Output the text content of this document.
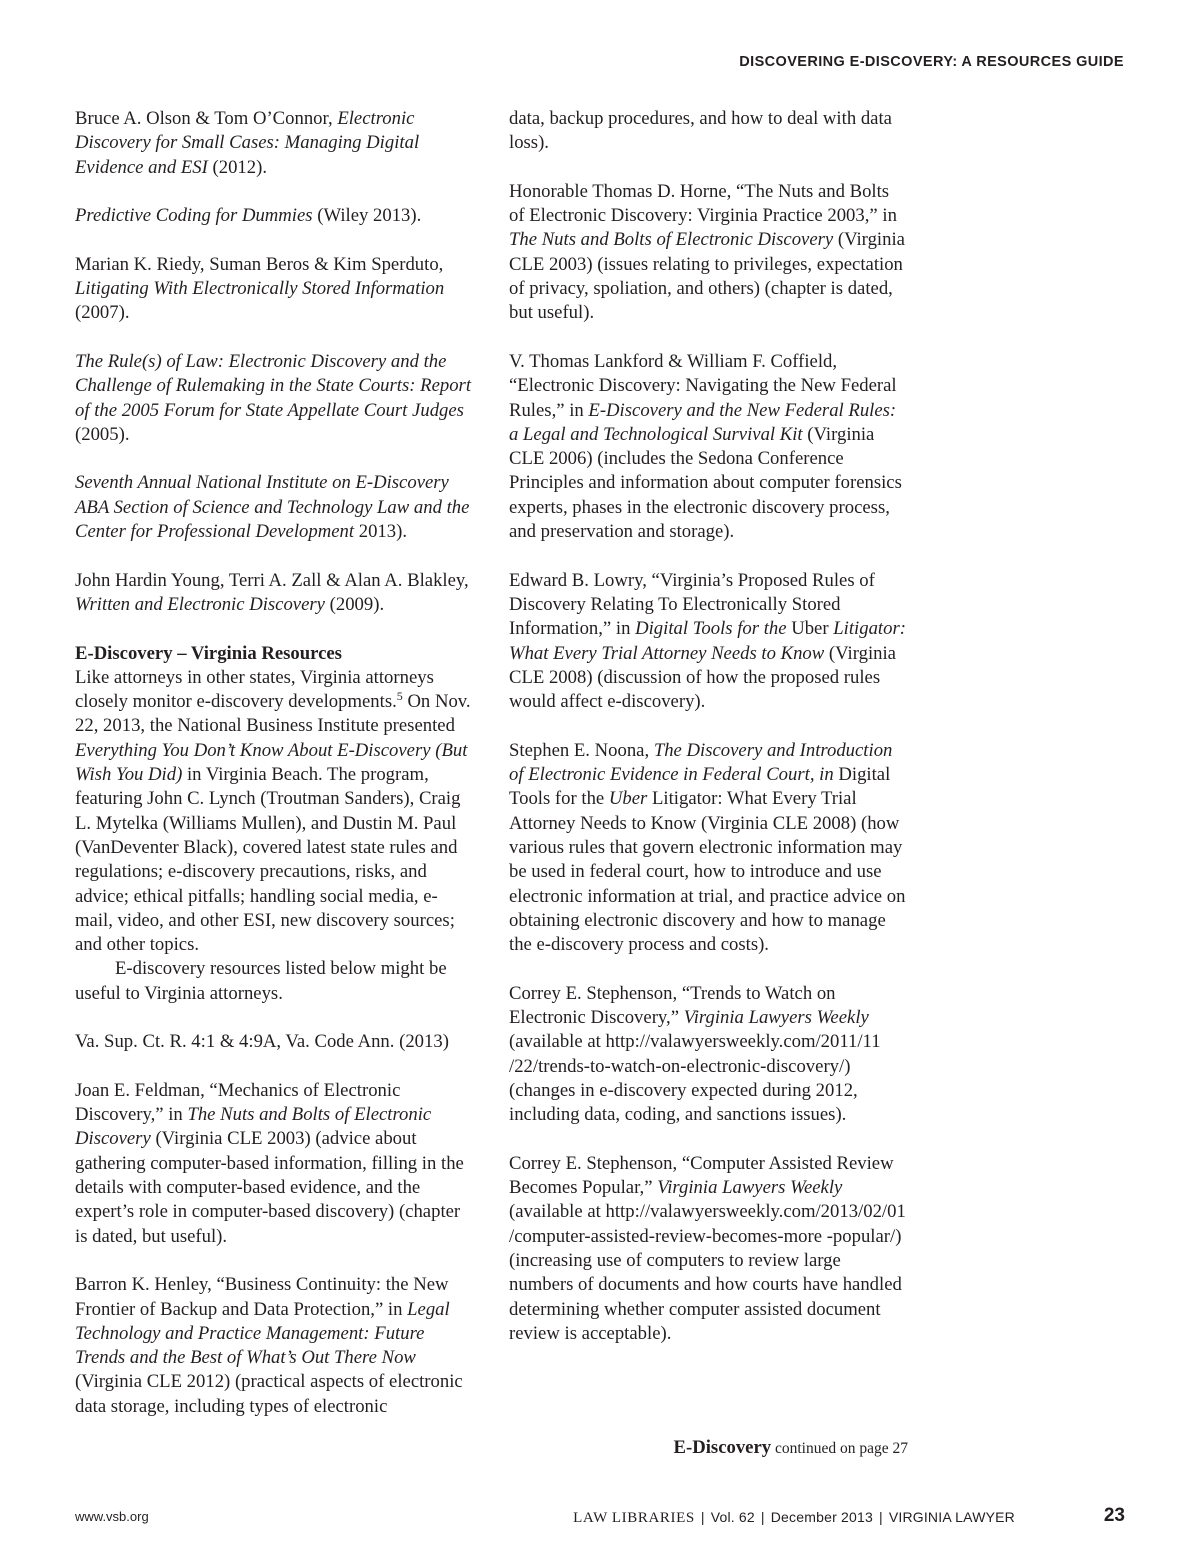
DISCOVERING E-DISCOVERY: A RESOURCES GUIDE

Bruce A. Olson & Tom O’Connor, Electronic Discovery for Small Cases: Managing Digital Evidence and ESI (2012).

Predictive Coding for Dummies (Wiley 2013).

Marian K. Riedy, Suman Beros & Kim Sperduto, Litigating With Electronically Stored Information (2007).

The Rule(s) of Law: Electronic Discovery and the Challenge of Rulemaking in the State Courts: Report of the 2005 Forum for State Appellate Court Judges (2005).

Seventh Annual National Institute on E-Discovery ABA Section of Science and Technology Law and the Center for Professional Development 2013).

John Hardin Young, Terri A. Zall & Alan A. Blakley, Written and Electronic Discovery (2009).

E-Discovery – Virginia Resources

Like attorneys in other states, Virginia attorneys closely monitor e-discovery developments.$^5$ On Nov. 22, 2013, the National Business Institute presented Everything You Don’t Know About E-Discovery (But Wish You Did) in Virginia Beach. The program, featuring John C. Lynch (Troutman Sanders), Craig L. Mytelka (Williams Mullen), and Dustin M. Paul (VanDeventer Black), covered latest state rules and regulations; e-discovery precautions, risks, and advice; ethical pitfalls; handling social media, e-mail, video, and other ESI, new discovery sources; and other topics.

E-discovery resources listed below might be useful to Virginia attorneys.

Va. Sup. Ct. R. 4:1 & 4:9A, Va. Code Ann. (2013)

Joan E. Feldman, “Mechanics of Electronic Discovery,” in The Nuts and Bolts of Electronic Discovery (Virginia CLE 2003) (advice about gathering computer-based information, filling in the details with computer-based evidence, and the expert’s role in computer-based discovery) (chapter is dated, but useful).

Barron K. Henley, “Business Continuity: the New Frontier of Backup and Data Protection,” in Legal Technology and Practice Management: Future Trends and the Best of What’s Out There Now (Virginia CLE 2012) (practical aspects of electronic data storage, including types of electronic

data, backup procedures, and how to deal with data loss).

Honorable Thomas D. Horne, “The Nuts and Bolts of Electronic Discovery: Virginia Practice 2003,” in The Nuts and Bolts of Electronic Discovery (Virginia CLE 2003) (issues relating to privileges, expectation of privacy, spoliation, and others) (chapter is dated, but useful).

V. Thomas Lankford & William F. Coffield, “Electronic Discovery: Navigating the New Federal Rules,” in E-Discovery and the New Federal Rules: a Legal and Technological Survival Kit (Virginia CLE 2006) (includes the Sedona Conference Principles and information about computer forensics experts, phases in the electronic discovery process, and preservation and storage).

Edward B. Lowry, “Virginia’s Proposed Rules of Discovery Relating To Electronically Stored Information,” in Digital Tools for the Uber Litigator: What Every Trial Attorney Needs to Know (Virginia CLE 2008) (discussion of how the proposed rules would affect e-discovery).

Stephen E. Noona, The Discovery and Introduction of Electronic Evidence in Federal Court, in Digital Tools for the Uber Litigator: What Every Trial Attorney Needs to Know (Virginia CLE 2008) (how various rules that govern electronic information may be used in federal court, how to introduce and use electronic information at trial, and practice advice on obtaining electronic discovery and how to manage the e-discovery process and costs).

Correy E. Stephenson, “Trends to Watch on Electronic Discovery,” Virginia Lawyers Weekly (available at http://valawyersweekly.com/2011/11 /22/trends-to-watch-on-electronic-discovery/) (changes in e-discovery expected during 2012, including data, coding, and sanctions issues).

Correy E. Stephenson, “Computer Assisted Review Becomes Popular,” Virginia Lawyers Weekly (available at http://valawyersweekly.com/2013/02/01 /computer-assisted-review-becomes-more -popular/) (increasing use of computers to review large numbers of documents and how courts have handled determining whether computer assisted document review is acceptable).

E-Discovery continued on page 27
www.vsb.org	LAW LIBRARIES | Vol. 62 | December 2013 | VIRGINIA LAWYER	23
